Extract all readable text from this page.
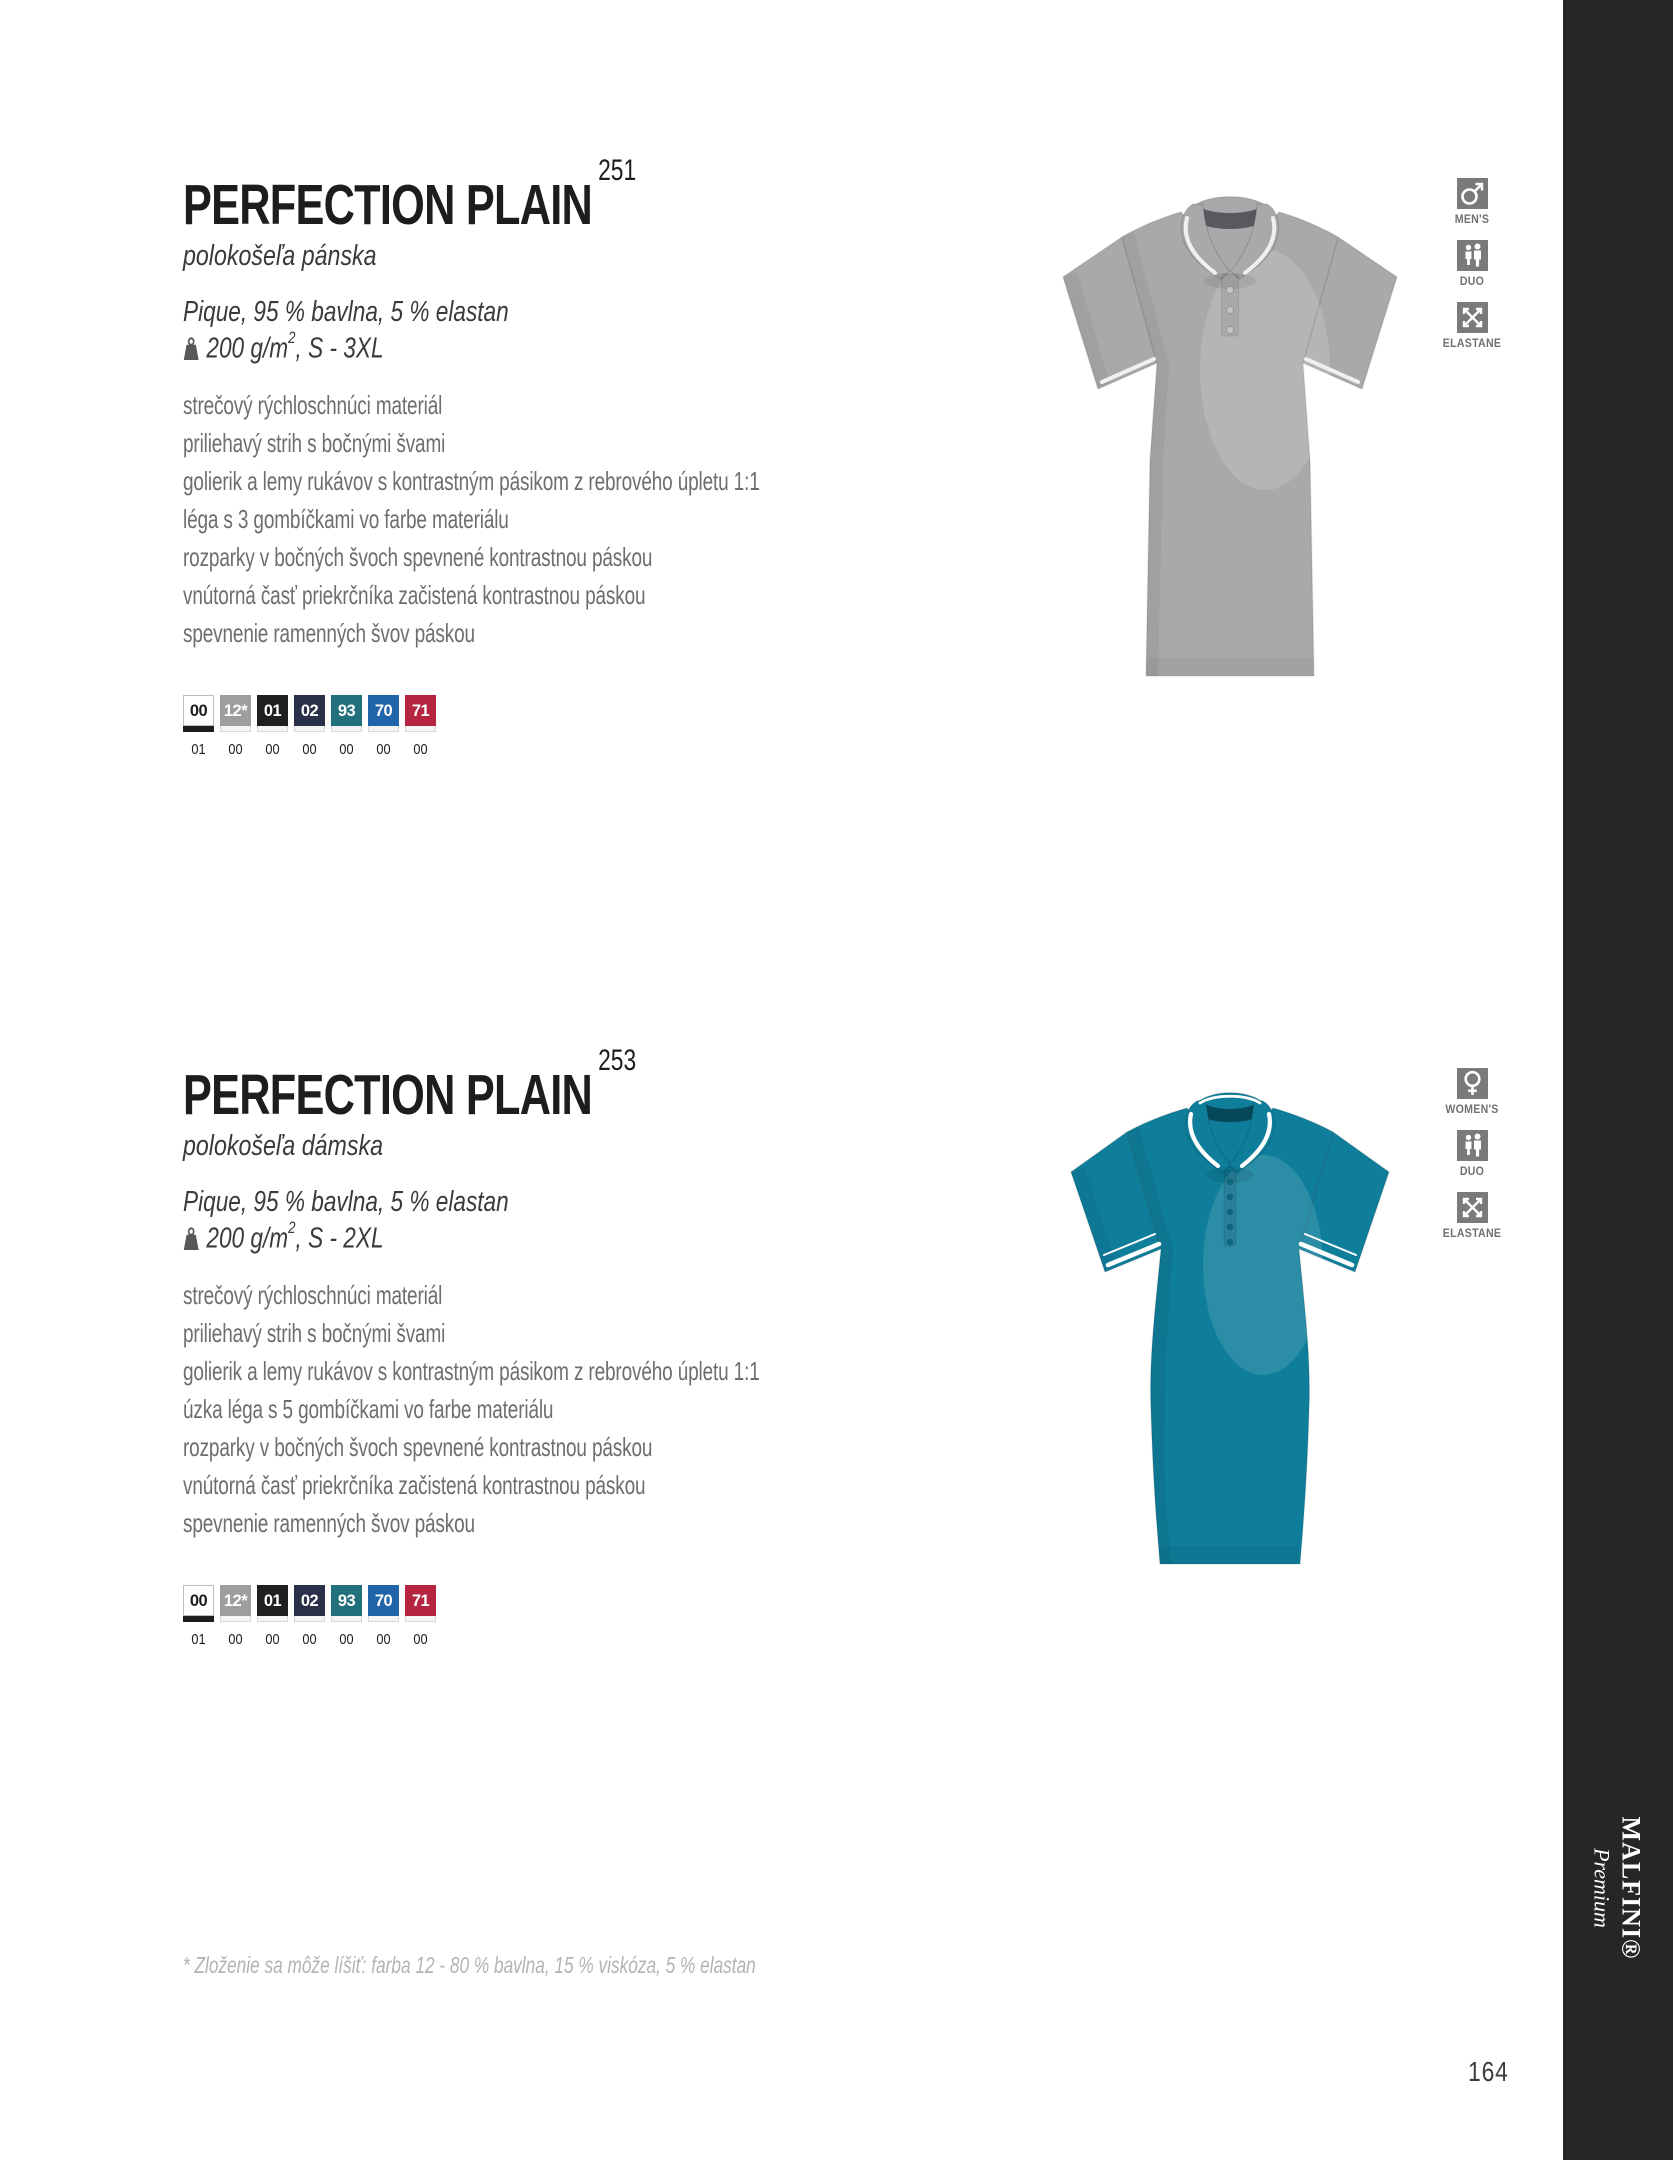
PERFECTION PLAIN$^{251}$
polokošeľa pánska
Pique, 95 % bavlna, 5 % elastan
200 $g/m^2$, S - 3XL
strečový rýchloschnúci materiál
priliehavý strih s bočnými švami
golierik a lemy rukávov s kontrastným pásikom z rebrového úpletu 1:1
léga s 3 gombíčkami vo farbe materiálu
rozparky v bočných švoch spevnené kontrastnou páskou
vnútorná časť priekrčníka začistená kontrastnou páskou
spevnenie ramenných švov páskou
00
01
12*
00
01
00
02
00
93
00
70
00
71
00
MEN'S
DUO
ELASTANE
PERFECTION PLAIN$^{253}$
polokošeľa dámska
Pique, 95 % bavlna, 5 % elastan
200 $g/m^2$, S - 2XL
strečový rýchloschnúci materiál
priliehavý strih s bočnými švami
golierik a lemy rukávov s kontrastným pásikom z rebrového úpletu 1:1
úzka léga s 5 gombíčkami vo farbe materiálu
rozparky v bočných švoch spevnené kontrastnou páskou
vnútorná časť priekrčníka začistená kontrastnou páskou
spevnenie ramenných švov páskou
00
01
12*
00
01
00
02
00
93
00
70
00
71
00
WOMEN'S
DUO
ELASTANE
* Zloženie sa môže líšiť: farba 12 - 80 % bavlna, 15 % viskóza, 5 % elastan
164
MALFINI®
Premium
